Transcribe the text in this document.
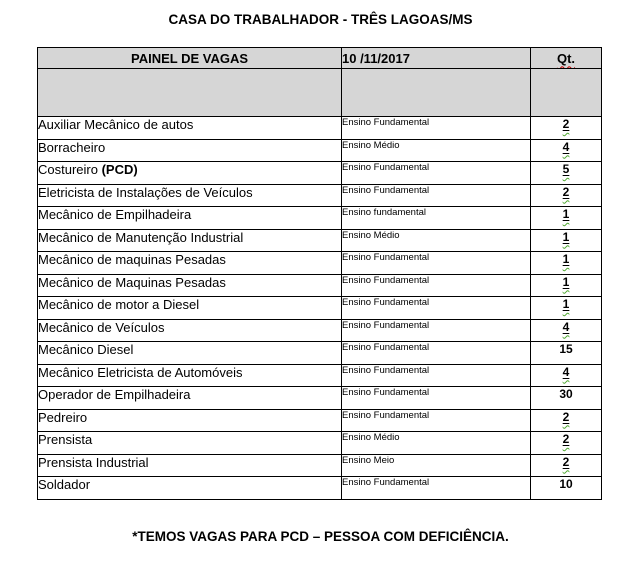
CASA DO TRABALHADOR - TRÊS LAGOAS/MS
PAINEL DE VAGAS	10 /11/2017	Qt.

Auxiliar Mecânico de autos	Ensino Fundamental	2
Borracheiro	Ensino Médio	4
Costureiro (PCD)	Ensino Fundamental	5
Eletricista de Instalações de Veículos	Ensino Fundamental	2
Mecânico de Empilhadeira	Ensino fundamental	1
Mecânico de Manutenção Industrial	Ensino Médio	1
Mecânico de maquinas Pesadas	Ensino Fundamental	1
Mecânico de Maquinas Pesadas	Ensino Fundamental	1
Mecânico de motor a Diesel	Ensino Fundamental	1
Mecânico de Veículos	Ensino Fundamental	4
Mecânico Diesel	Ensino Fundamental	15
Mecânico Eletricista de Automóveis	Ensino Fundamental	4
Operador de Empilhadeira	Ensino Fundamental	30
Pedreiro	Ensino Fundamental	2
Prensista	Ensino Médio	2
Prensista Industrial	Ensino Meio	2
Soldador	Ensino Fundamental	10
*TEMOS VAGAS PARA PCD – PESSOA COM DEFICIÊNCIA.
